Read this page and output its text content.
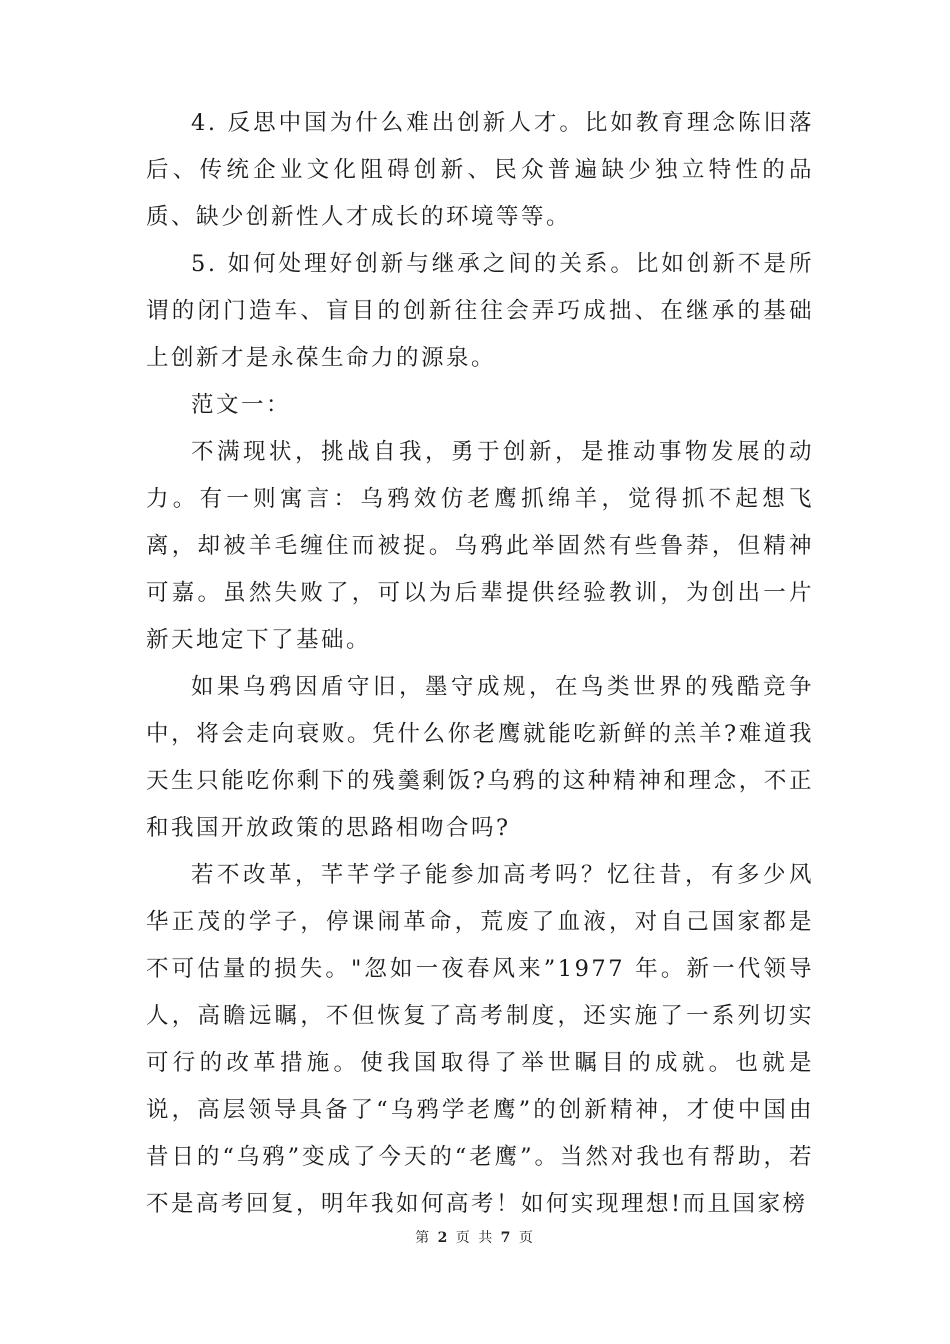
4. 反思中国为什么难出创新人才。比如教育理念陈旧落后、传统企业文化阻碍创新、民众普遍缺少独立特性的品质、缺少创新性人才成长的环境等等。

5. 如何处理好创新与继承之间的关系。比如创新不是所谓的闭门造车、盲目的创新往往会弄巧成拙、在继承的基础上创新才是永葆生命力的源泉。

范文一：

不满现状，挑战自我，勇于创新，是推动事物发展的动力。有一则寓言：乌鸦效仿老鹰抓绵羊，觉得抓不起想飞离，却被羊毛缠住而被捉。乌鸦此举固然有些鲁莽，但精神可嘉。虽然失败了，可以为后辈提供经验教训，为创出一片新天地定下了基础。

如果乌鸦因盾守旧，墨守成规，在鸟类世界的残酷竞争中，将会走向衰败。凭什么你老鹰就能吃新鲜的羔羊?难道我天生只能吃你剩下的残羹剩饭?乌鸦的这种精神和理念，不正和我国开放政策的思路相吻合吗?

若不改革，芊芊学子能参加高考吗？忆往昔，有多少风华正茂的学子，停课闹革命，荒废了血液，对自己国家都是不可估量的损失。"忽如一夜春风来”1977 年。新一代领导人，高瞻远瞩，不但恢复了高考制度，还实施了一系列切实可行的改革措施。使我国取得了举世瞩目的成就。也就是说，高层领导具备了“乌鸦学老鹰”的创新精神，才使中国由昔日的“乌鸦”变成了今天的“老鹰”。当然对我也有帮助，若不是高考回复，明年我如何高考！如何实现理想!而且国家榜

第 2 页 共 7 页
